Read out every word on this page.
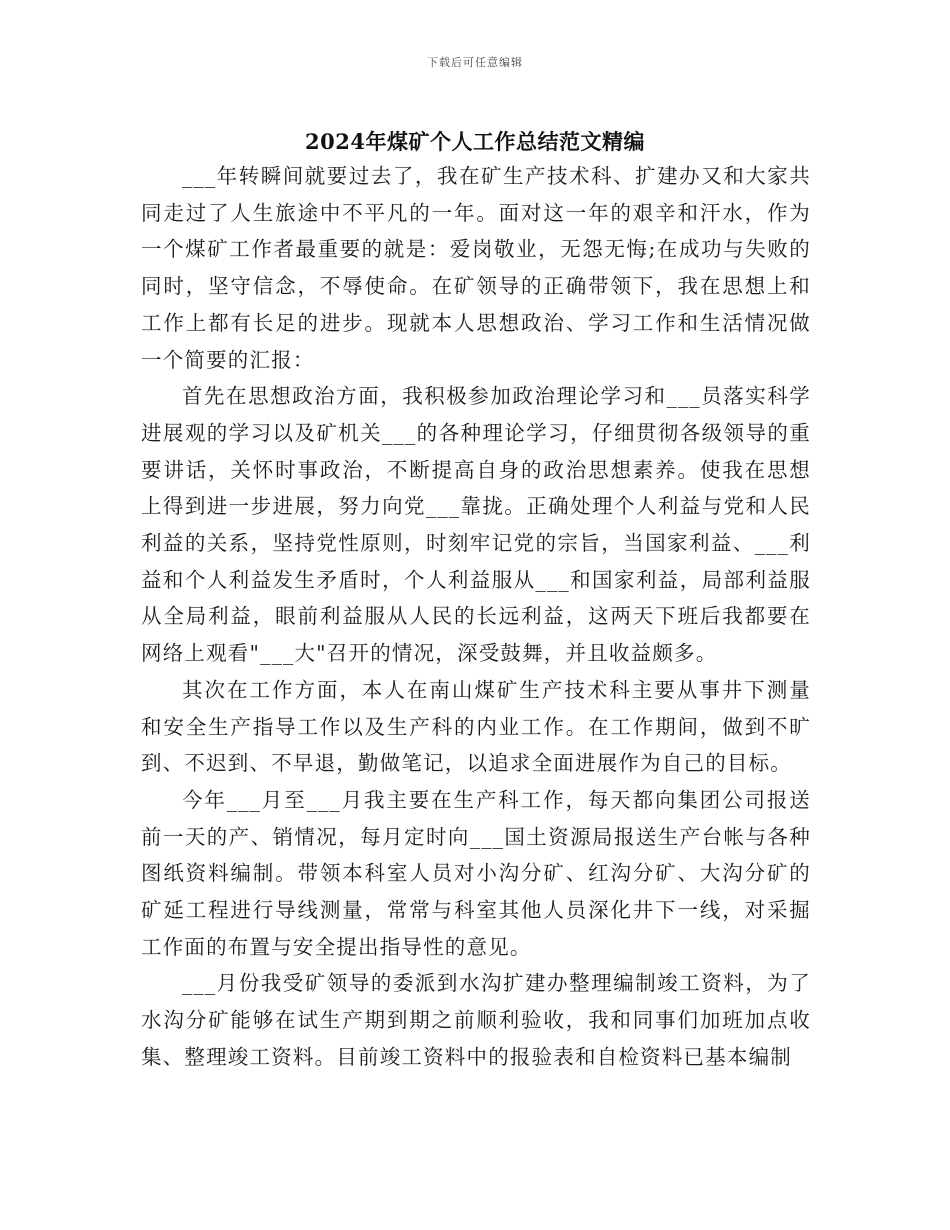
下载后可任意编辑
2024年煤矿个人工作总结范文精编

___年转瞬间就要过去了，我在矿生产技术科、扩建办又和大家共同走过了人生旅途中不平凡的一年。面对这一年的艰辛和汗水，作为一个煤矿工作者最重要的就是：爱岗敬业，无怨无悔;在成功与失败的同时，坚守信念，不辱使命。在矿领导的正确带领下，我在思想上和工作上都有长足的进步。现就本人思想政治、学习工作和生活情况做一个简要的汇报：

首先在思想政治方面，我积极参加政治理论学习和___员落实科学进展观的学习以及矿机关___的各种理论学习，仔细贯彻各级领导的重要讲话，关怀时事政治，不断提高自身的政治思想素养。使我在思想上得到进一步进展，努力向党___靠拢。正确处理个人利益与党和人民利益的关系，坚持党性原则，时刻牢记党的宗旨，当国家利益、___利益和个人利益发生矛盾时，个人利益服从___和国家利益，局部利益服从全局利益，眼前利益服从人民的长远利益，这两天下班后我都要在网络上观看"___大"召开的情况，深受鼓舞，并且收益颇多。

其次在工作方面，本人在南山煤矿生产技术科主要从事井下测量和安全生产指导工作以及生产科的内业工作。在工作期间，做到不旷到、不迟到、不早退，勤做笔记，以追求全面进展作为自己的目标。

今年___月至___月我主要在生产科工作，每天都向集团公司报送前一天的产、销情况，每月定时向___国土资源局报送生产台帐与各种图纸资料编制。带领本科室人员对小沟分矿、红沟分矿、大沟分矿的矿延工程进行导线测量，常常与科室其他人员深化井下一线，对采掘工作面的布置与安全提出指导性的意见。

___月份我受矿领导的委派到水沟扩建办整理编制竣工资料，为了水沟分矿能够在试生产期到期之前顺利验收，我和同事们加班加点收集、整理竣工资料。目前竣工资料中的报验表和自检资料已基本编制
